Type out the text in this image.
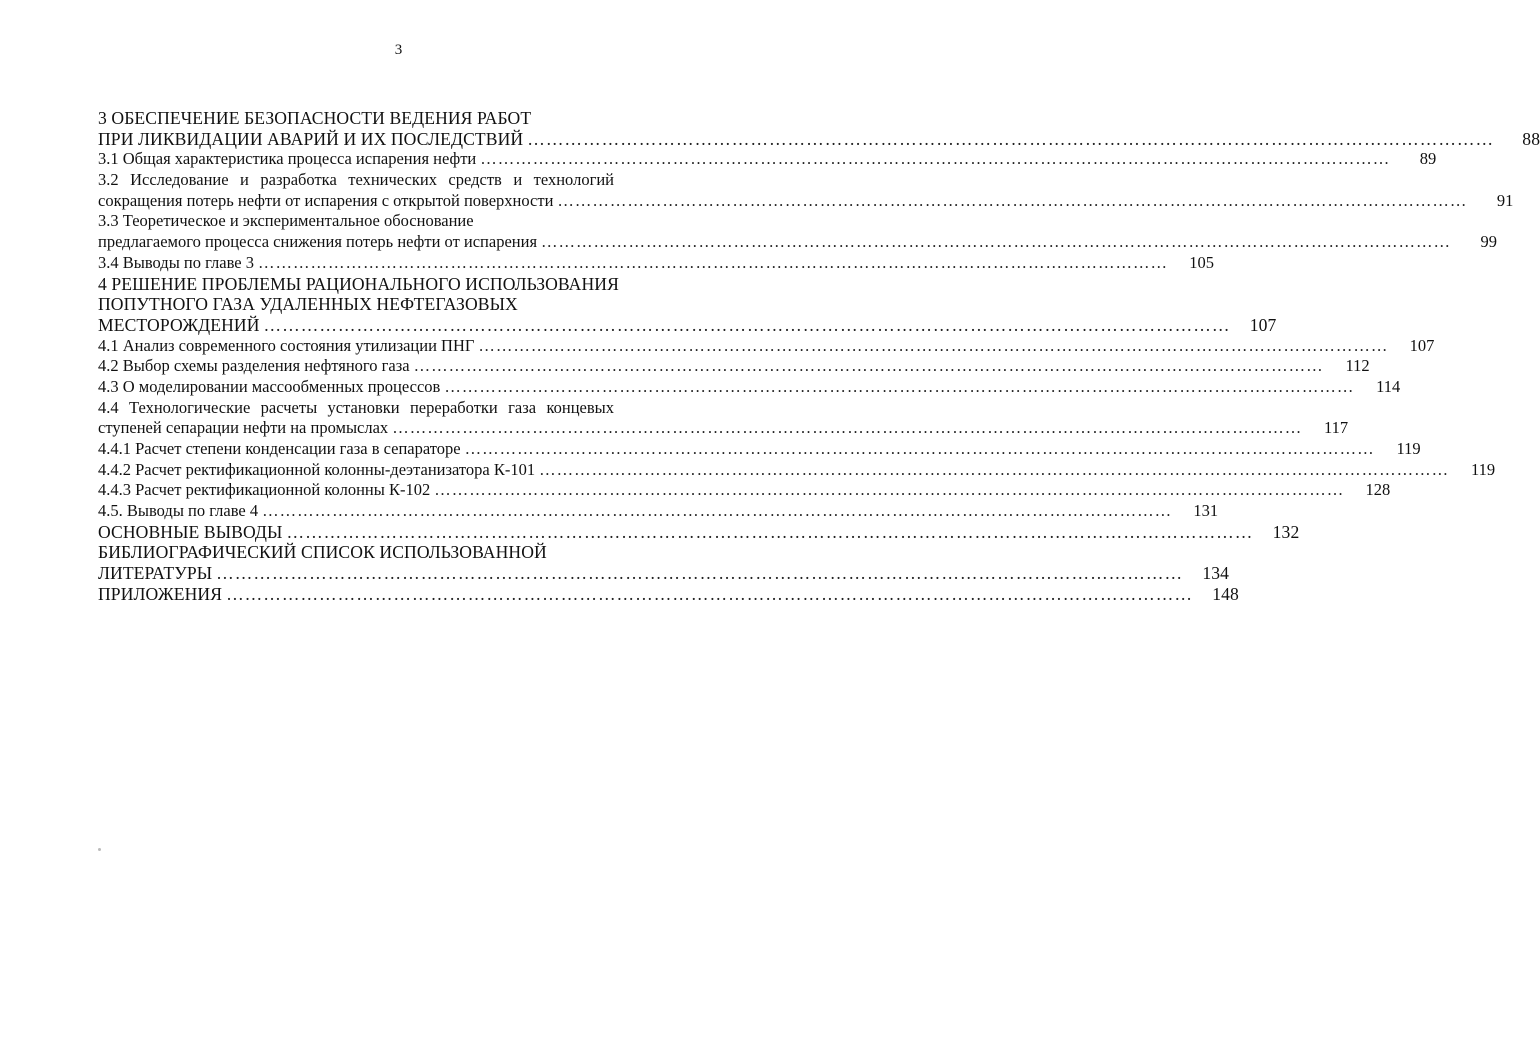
3
3 ОБЕСПЕЧЕНИЕ БЕЗОПАСНОСТИ ВЕДЕНИЯ РАБОТ
ПРИ ЛИКВИДАЦИИ АВАРИЙ И ИХ ПОСЛЕДСТВИЙ …………………………………………………………………………………………………………………………………………	88
3.1 Общая характеристика процесса испарения нефти …………………………………………………………………………………………………………………………………………	89
3.2 Исследование и разработка технических средств и технологий
сокращения потерь нефти от испарения с открытой поверхности …………………………………………………………………………………………………………………………………………	91
3.3 Теоретическое и экспериментальное обоснование
предлагаемого процесса снижения потерь нефти от испарения …………………………………………………………………………………………………………………………………………	99
3.4 Выводы по главе 3 …………………………………………………………………………………………………………………………………………	105
4 РЕШЕНИЕ ПРОБЛЕМЫ РАЦИОНАЛЬНОГО ИСПОЛЬЗОВАНИЯ
ПОПУТНОГО ГАЗА УДАЛЕННЫХ НЕФТЕГАЗОВЫХ
МЕСТОРОЖДЕНИЙ …………………………………………………………………………………………………………………………………………	107
4.1 Анализ современного состояния утилизации ПНГ …………………………………………………………………………………………………………………………………………	107
4.2 Выбор схемы разделения нефтяного газа …………………………………………………………………………………………………………………………………………	112
4.3 О моделировании массообменных процессов …………………………………………………………………………………………………………………………………………	114
4.4 Технологические расчеты установки переработки газа концевых
ступеней сепарации нефти на промыслах …………………………………………………………………………………………………………………………………………	117
4.4.1 Расчет степени конденсации газа в сепараторе …………………………………………………………………………………………………………………………………………	119
4.4.2 Расчет ректификационной колонны-деэтанизатора К-101 …………………………………………………………………………………………………………………………………………	119
4.4.3 Расчет ректификационной колонны К-102 …………………………………………………………………………………………………………………………………………	128
4.5. Выводы по главе 4 …………………………………………………………………………………………………………………………………………	131
ОСНОВНЫЕ ВЫВОДЫ …………………………………………………………………………………………………………………………………………	132
БИБЛИОГРАФИЧЕСКИЙ СПИСОК ИСПОЛЬЗОВАННОЙ
ЛИТЕРАТУРЫ …………………………………………………………………………………………………………………………………………	134
ПРИЛОЖЕНИЯ …………………………………………………………………………………………………………………………………………	148
